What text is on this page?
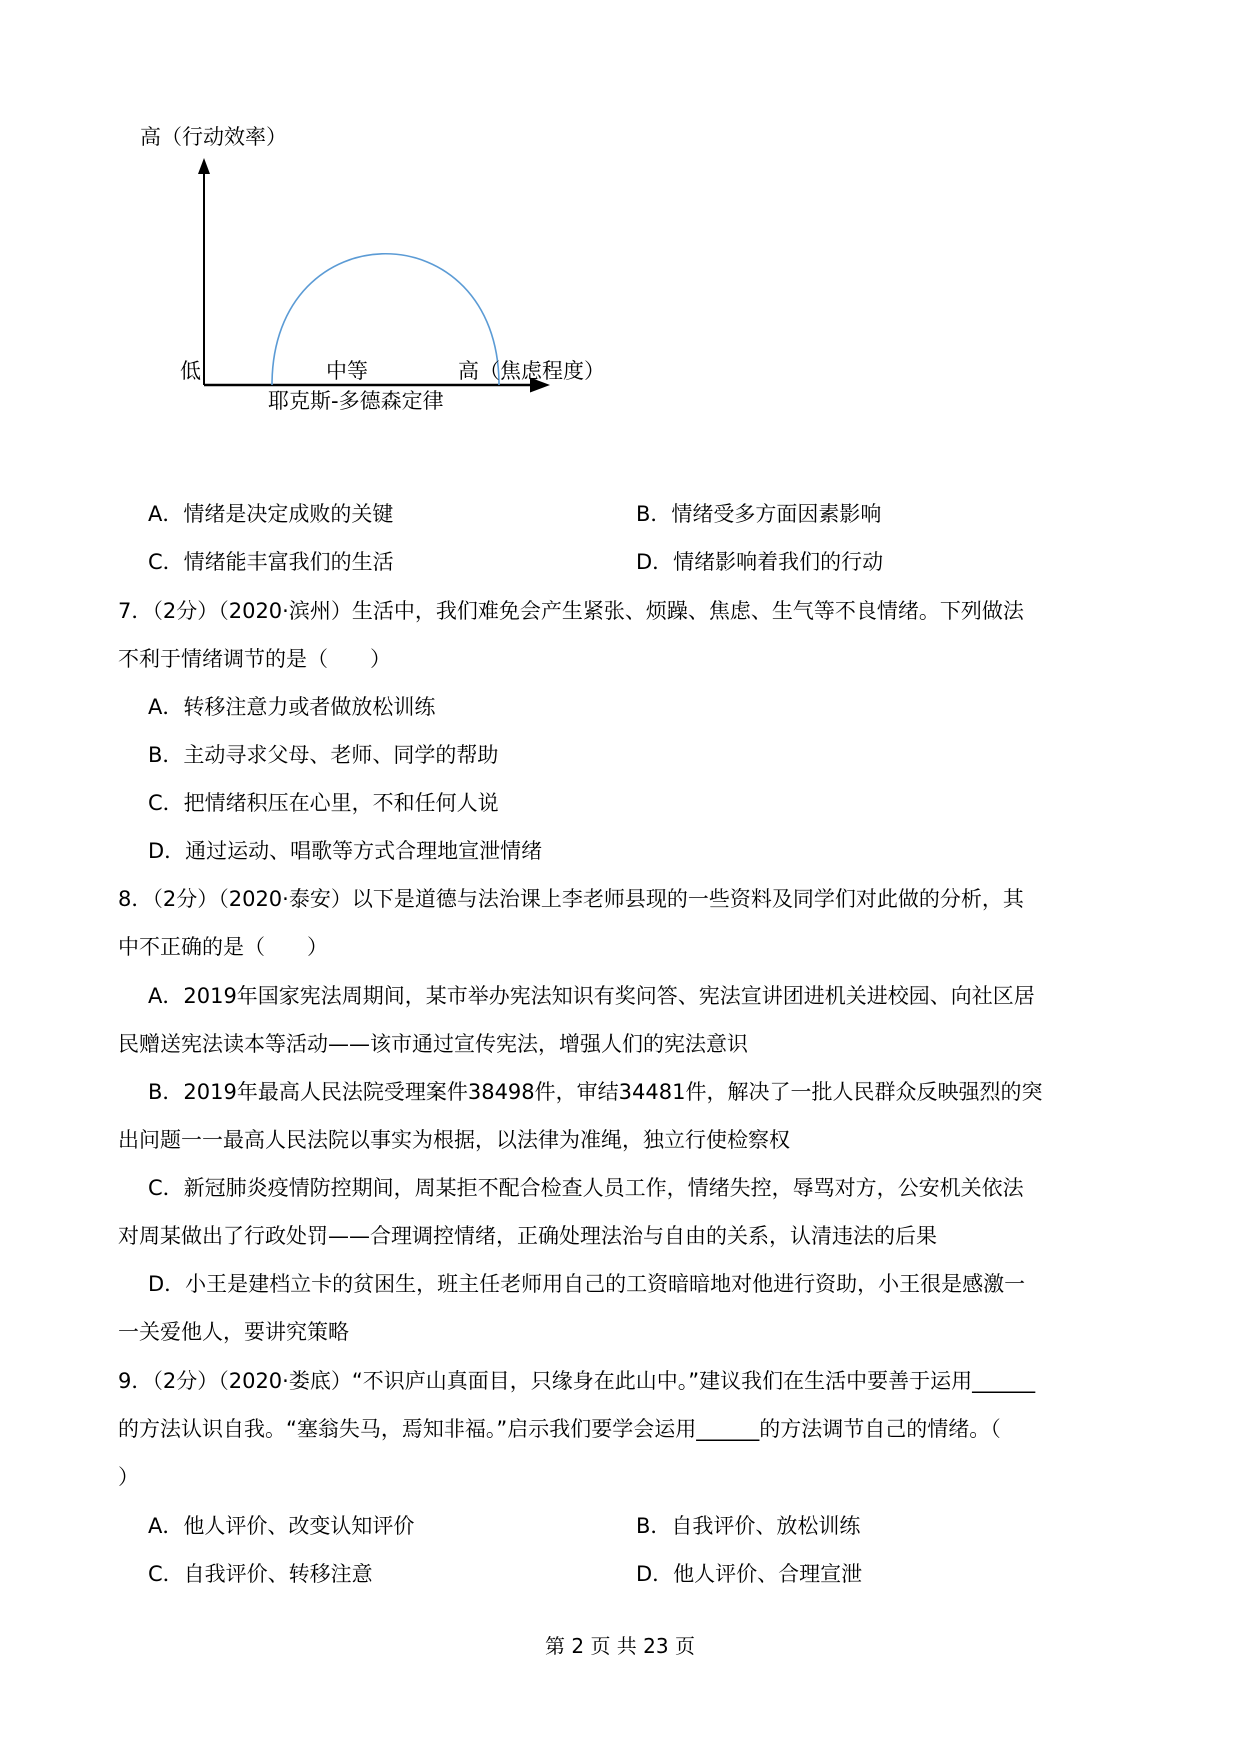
高（行动效率）
低	中等	高（焦虑程度）
耶克斯-多德森定律
A．情绪是决定成败的关键	B．情绪受多方面因素影响
C．情绪能丰富我们的生活	D．情绪影响着我们的行动
7．（2分）（2020·滨州）生活中，我们难免会产生紧张、烦躁、焦虑、生气等不良情绪。下列做法
不利于情绪调节的是（　　）
A．转移注意力或者做放松训练
B．主动寻求父母、老师、同学的帮助
C．把情绪积压在心里，不和任何人说
D．通过运动、唱歌等方式合理地宣泄情绪
8．（2分）（2020·泰安）以下是道德与法治课上李老师县现的一些资料及同学们对此做的分析，其
中不正确的是（　　）
A．2019年国家宪法周期间，某市举办宪法知识有奖问答、宪法宣讲团进机关进校园、向社区居
民赠送宪法读本等活动——该市通过宣传宪法，增强人们的宪法意识
B．2019年最高人民法院受理案件38498件，审结34481件，解决了一批人民群众反映强烈的突
出问题一一最高人民法院以事实为根据，以法律为准绳，独立行使检察权
C．新冠肺炎疫情防控期间，周某拒不配合检查人员工作，情绪失控，辱骂对方，公安机关依法
对周某做出了行政处罚——合理调控情绪，正确处理法治与自由的关系，认清违法的后果
D．小王是建档立卡的贫困生，班主任老师用自己的工资暗暗地对他进行资助，小王很是感激一
一关爱他人，要讲究策略
9．（2分）（2020·娄底）“不识庐山真面目，只缘身在此山中。”建议我们在生活中要善于运用______
的方法认识自我。“塞翁失马，焉知非福。”启示我们要学会运用______的方法调节自己的情绪。（
）
A．他人评价、改变认知评价	B．自我评价、放松训练
C．自我评价、转移注意	D．他人评价、合理宣泄
第 2 页 共 23 页
